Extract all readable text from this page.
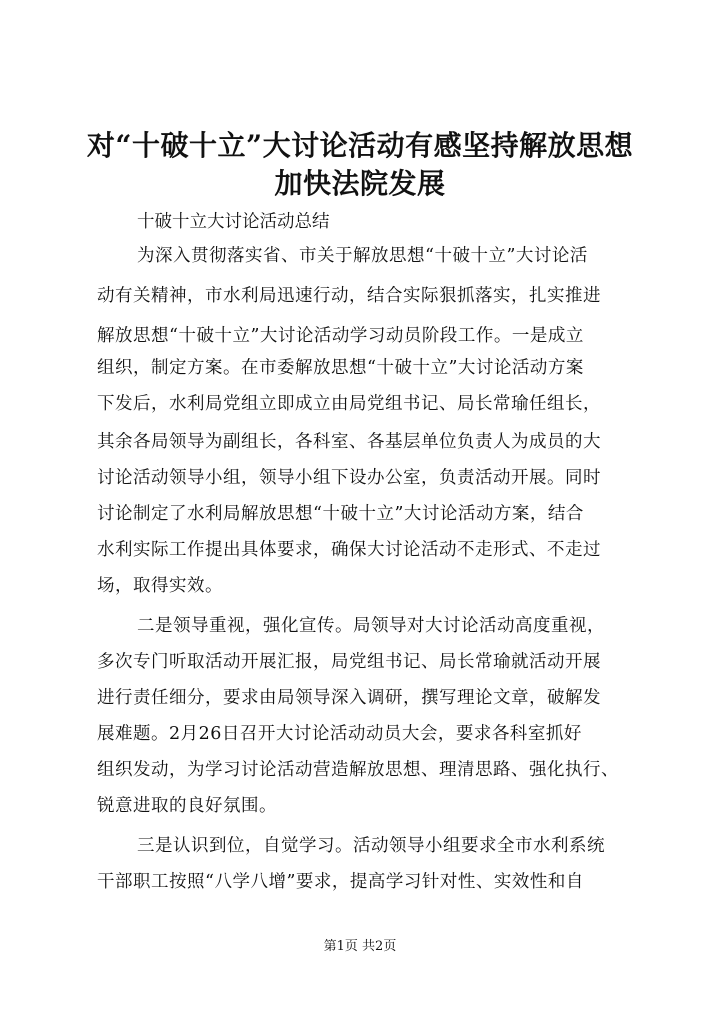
对“十破十立”大讨论活动有感坚持解放思想
加快法院发展

十破十立大讨论活动总结

为深入贯彻落实省、市关于解放思想“十破十立”大讨论活

动有关精神，市水利局迅速行动，结合实际狠抓落实，扎实推进

解放思想“十破十立”大讨论活动学习动员阶段工作。一是成立

组织，制定方案。在市委解放思想“十破十立”大讨论活动方案

下发后，水利局党组立即成立由局党组书记、局长常瑜任组长，

其余各局领导为副组长，各科室、各基层单位负责人为成员的大

讨论活动领导小组，领导小组下设办公室，负责活动开展。同时

讨论制定了水利局解放思想“十破十立”大讨论活动方案，结合

水利实际工作提出具体要求，确保大讨论活动不走形式、不走过

场，取得实效。

二是领导重视，强化宣传。局领导对大讨论活动高度重视，

多次专门听取活动开展汇报，局党组书记、局长常瑜就活动开展

进行责任细分，要求由局领导深入调研，撰写理论文章，破解发

展难题。2月26日召开大讨论活动动员大会，要求各科室抓好

组织发动，为学习讨论活动营造解放思想、理清思路、强化执行、

锐意进取的良好氛围。

三是认识到位，自觉学习。活动领导小组要求全市水利系统

干部职工按照“八学八增”要求，提高学习针对性、实效性和自

第1页 共2页
